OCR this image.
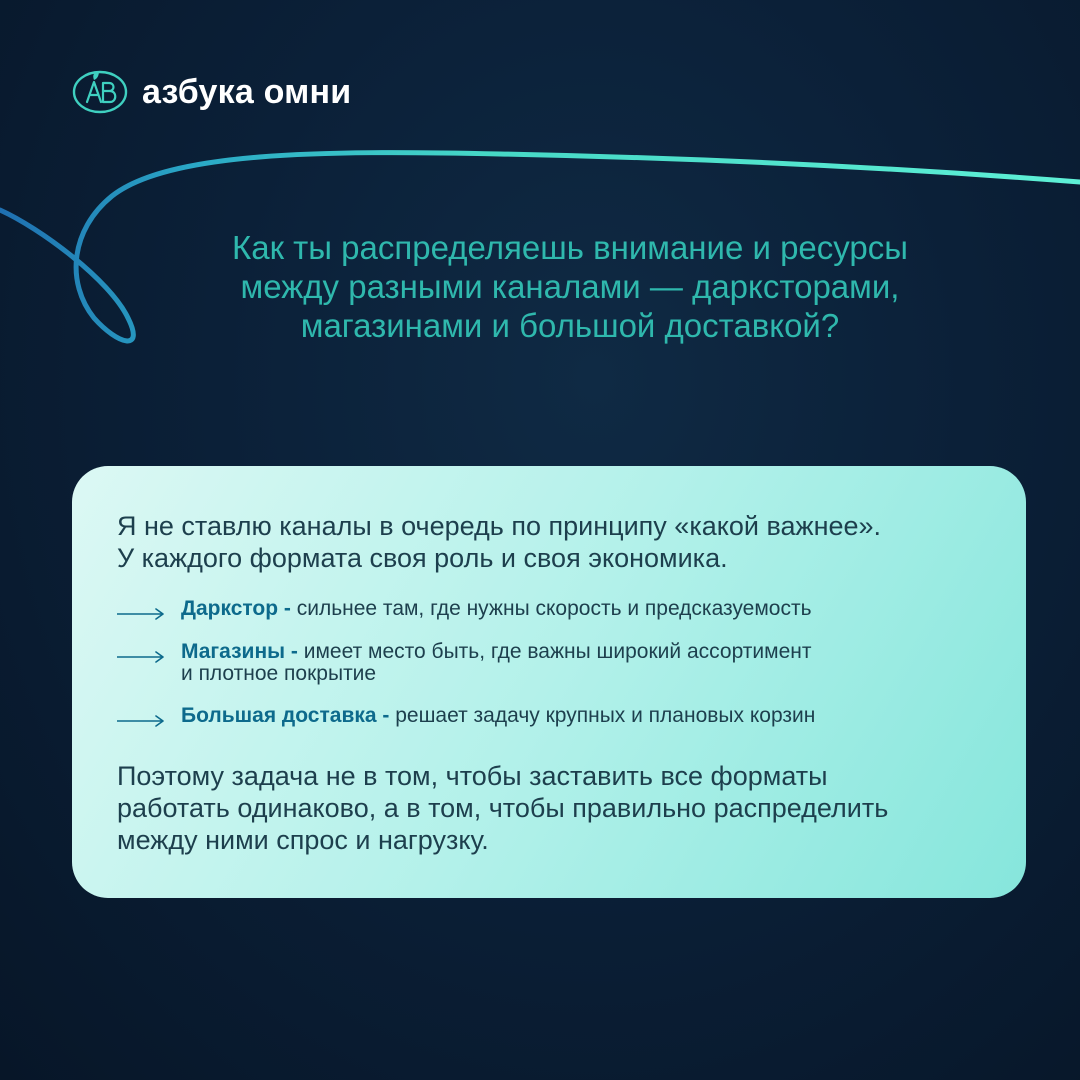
азбука омни
Как ты распределяешь внимание и ресурсы
между разными каналами — дарксторами,
магазинами и большой доставкой?

Я не ставлю каналы в очередь по принципу «какой важнее».
У каждого формата своя роль и своя экономика.

Даркстор - сильнее там, где нужны скорость и предсказуемость
Магазины - имеет место быть, где важны широкий ассортимент
и плотное покрытие
Большая доставка - решает задачу крупных и плановых корзин

Поэтому задача не в том, чтобы заставить все форматы
работать одинаково, а в том, чтобы правильно распределить
между ними спрос и нагрузку.
